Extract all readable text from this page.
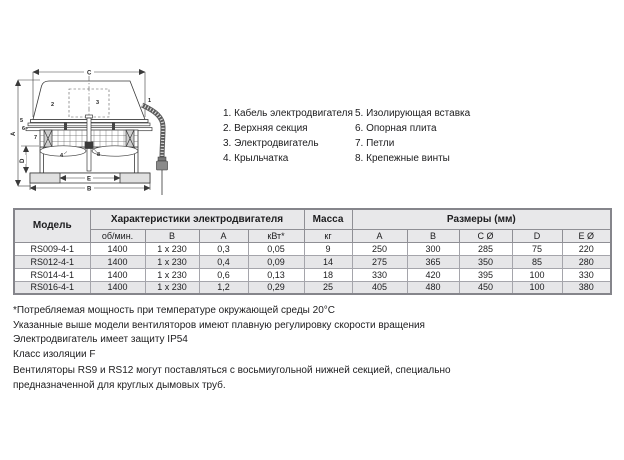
C
A
D
E
B
2	3	1
5
6
7
4	8
1. Кабель электродвигателя
2. Верхняя секция
3. Электродвигатель
4. Крыльчатка
5. Изолирующая вставка
6. Опорная плита
7. Петли
8. Крепежные винты
Модель	Характеристики электродвигателя				Масса	Размеры (мм)				
	об/мин.	В	А	кВт*	кг	A	B	C Ø	D	E Ø
RS009-4-1	1400	1 x 230	0,3	0,05	9	250	300	285	75	220
RS012-4-1	1400	1 x 230	0,4	0,09	14	275	365	350	85	280
RS014-4-1	1400	1 x 230	0,6	0,13	18	330	420	395	100	330
RS016-4-1	1400	1 x 230	1,2	0,29	25	405	480	450	100	380
*Потребляемая мощность при температуре окружающей среды 20°C
Указанные выше модели вентиляторов имеют плавную регулировку скорости вращения
Электродвигатель имеет защиту IP54
Класс изоляции F
Вентиляторы RS9 и RS12 могут поставляться с восьмиугольной нижней секцией, специально предназначенной для круглых дымовых труб.
